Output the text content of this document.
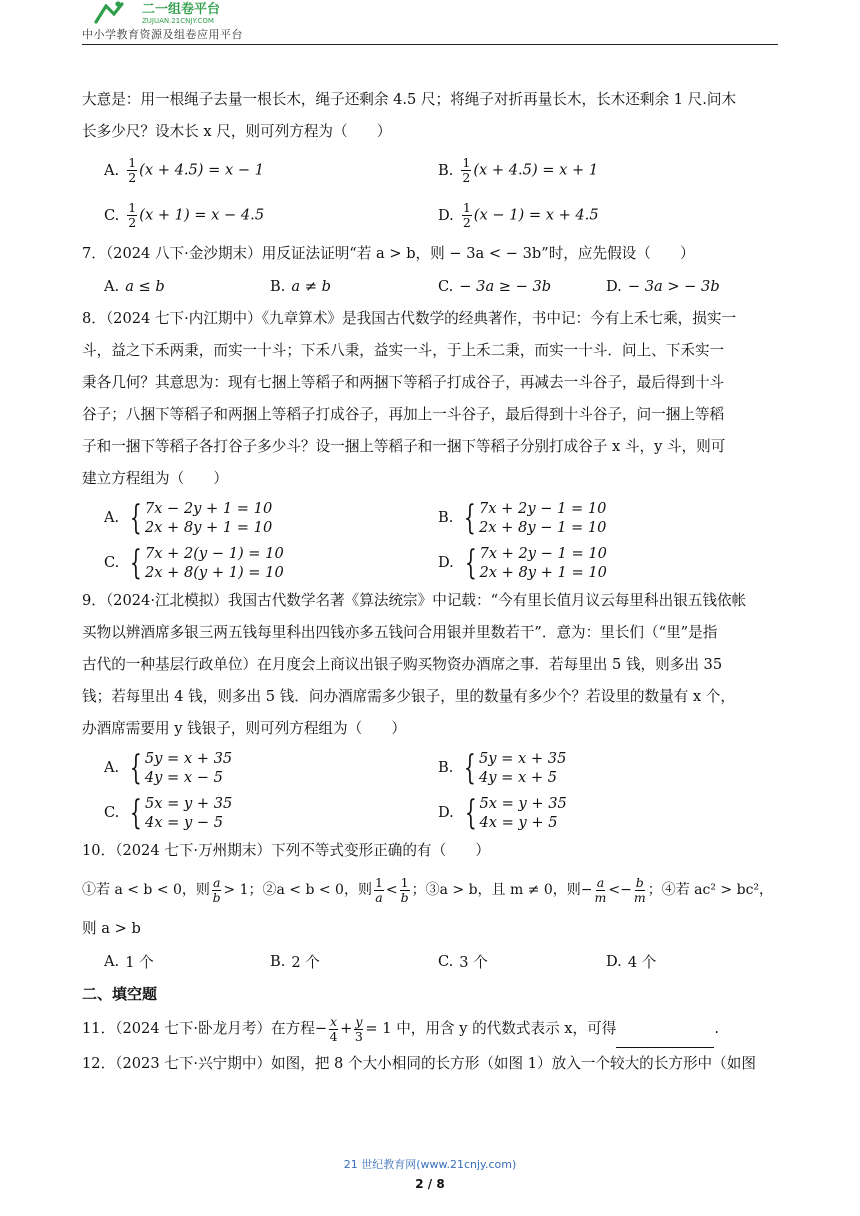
二一组卷平台
ZUJUAN.21CNJY.COM
中小学教育资源及组卷应用平台

大意是：用一根绳子去量一根长木，绳子还剩余 4.5 尺；将绳子对折再量长木，长木还剩余 1 尺.问木

长多少尺？设木长 x 尺，则可列方程为（　　）

A. $\frac{1}{2} (x + 4.5) = x - 1$	B. $\frac{1}{2} (x + 4.5) = x + 1$
C. $\frac{1}{2} (x + 1) = x - 4.5$	D. $\frac{1}{2} (x - 1) = x + 4.5$

7．（2024 八下·金沙期末）用反证法证明“若 a > b，则 − 3a < − 3b”时，应先假设（　　）

A. a ≤ b	B. a ≠ b	C. − 3a ≥ − 3b	D. − 3a > − 3b

8．（2024 七下·内江期中）《九章算术》是我国古代数学的经典著作，书中记：今有上禾七乘，损实一

斗，益之下禾两秉，而实一十斗；下禾八秉，益实一斗，于上禾二秉，而实一十斗．问上、下禾实一

秉各几何？其意思为：现有七捆上等稻子和两捆下等稻子打成谷子，再减去一斗谷子，最后得到十斗

谷子；八捆下等稻子和两捆上等稻子打成谷子，再加上一斗谷子，最后得到十斗谷子，问一捆上等稻

子和一捆下等稻子各打谷子多少斗？设一捆上等稻子和一捆下等稻子分别打成谷子 x 斗，y 斗，则可

建立方程组为（　　）

A. { 7x − 2y + 1 = 10
2x + 8y + 1 = 10
B. { 7x + 2y − 1 = 10
2x + 8y − 1 = 10
C. { 7x + 2(y − 1) = 10
2x + 8(y + 1) = 10
D. { 7x + 2y − 1 = 10
2x + 8y + 1 = 10

9．（2024·江北模拟）我国古代数学名著《算法统宗》中记载：“今有里长值月议云每里科出银五钱依帐

买物以辨酒席多银三两五钱每里科出四钱亦多五钱问合用银并里数若干”．意为：里长们（“里”是指

古代的一种基层行政单位）在月度会上商议出银子购买物资办酒席之事．若每里出 5 钱，则多出 35

钱；若每里出 4 钱，则多出 5 钱．问办酒席需多少银子，里的数量有多少个？若设里的数量有 x 个，

办酒席需要用 y 钱银子，则可列方程组为（　　）

A. { 5y = x + 35
4y = x − 5
B. { 5y = x + 35
4y = x + 5
C. { 5x = y + 35
4x = y − 5
D. { 5x = y + 35
4x = y + 5

10．（2024 七下·万州期末）下列不等式变形正确的有（　　）

①若 a < b < 0，则 $\frac{a}{b} > 1$；②a < b < 0，则 $\frac{1}{a} < \frac{1}{b}$ ；③a > b，且 m ≠ 0，则− $\frac{a}{m} <- \frac{b}{m}$ ；④若 ac² > bc²，

则 a > b

A. 1 个	B. 2 个	C. 3 个	D. 4 个

二、填空题

11．（2024 七下·卧龙月考）在方程− $\frac{x}{4} + \frac{y}{3} = 1$ 中，用含 y 的代数式表示 x，可得	.

12．（2023 七下·兴宁期中）如图，把 8 个大小相同的长方形（如图 1）放入一个较大的长方形中（如图

21 世纪教育网(www.21cnjy.com)
2 / 8
